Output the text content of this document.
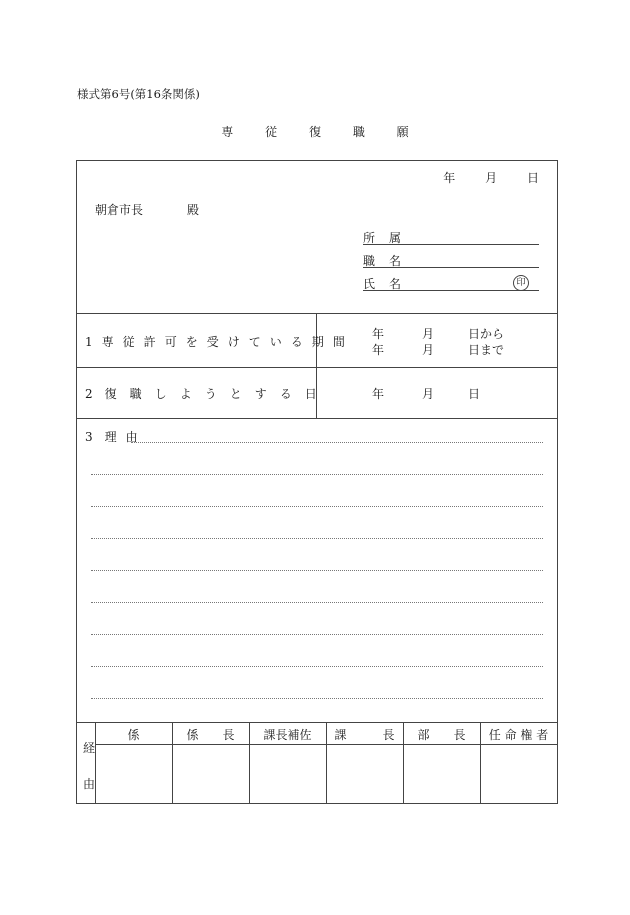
様式第6号(第16条関係)
専	従	復	職	願
年 月 日
朝倉市長	殿
所 属
職 名
氏 名	印
1 専 従 許 可 を 受 け て い る 期 間
年	月	日から
年	月	日まで
2 復 職 し よ う と す る 日	年	月	日
3 理 由
経
由
係	係　　長	課長補佐	課　　　長	部　　長	任 命 権 者
